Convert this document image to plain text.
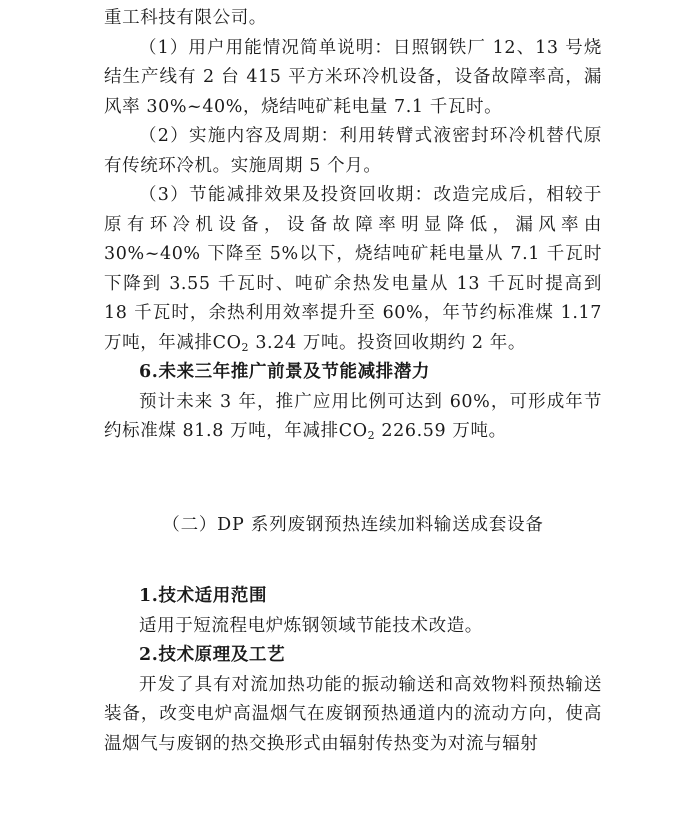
重工科技有限公司。

（1）用户用能情况简单说明：日照钢铁厂 12、13 号烧结生产线有 2 台 415 平方米环冷机设备，设备故障率高，漏风率 30%~40%，烧结吨矿耗电量 7.1 千瓦时。

（2）实施内容及周期：利用转臂式液密封环冷机替代原有传统环冷机。实施周期 5 个月。

（3）节能减排效果及投资回收期：改造完成后，相较于原有环冷机设备，设备故障率明显降低，漏风率由 30%~40% 下降至 5%以下，烧结吨矿耗电量从 7.1 千瓦时下降到 3.55 千瓦时、吨矿余热发电量从 13 千瓦时提高到 18 千瓦时，余热利用效率提升至 60%，年节约标准煤 1.17 万吨，年减排$CO_2$ 3.24 万吨。投资回收期约 2 年。

6.未来三年推广前景及节能减排潜力

预计未来 3 年，推广应用比例可达到 60%，可形成年节约标准煤 81.8 万吨，年减排$CO_2$ 226.59 万吨。

（二）DP 系列废钢预热连续加料输送成套设备

1.技术适用范围

适用于短流程电炉炼钢领域节能技术改造。

2.技术原理及工艺

开发了具有对流加热功能的振动输送和高效物料预热输送装备，改变电炉高温烟气在废钢预热通道内的流动方向，使高温烟气与废钢的热交换形式由辐射传热变为对流与辐射
